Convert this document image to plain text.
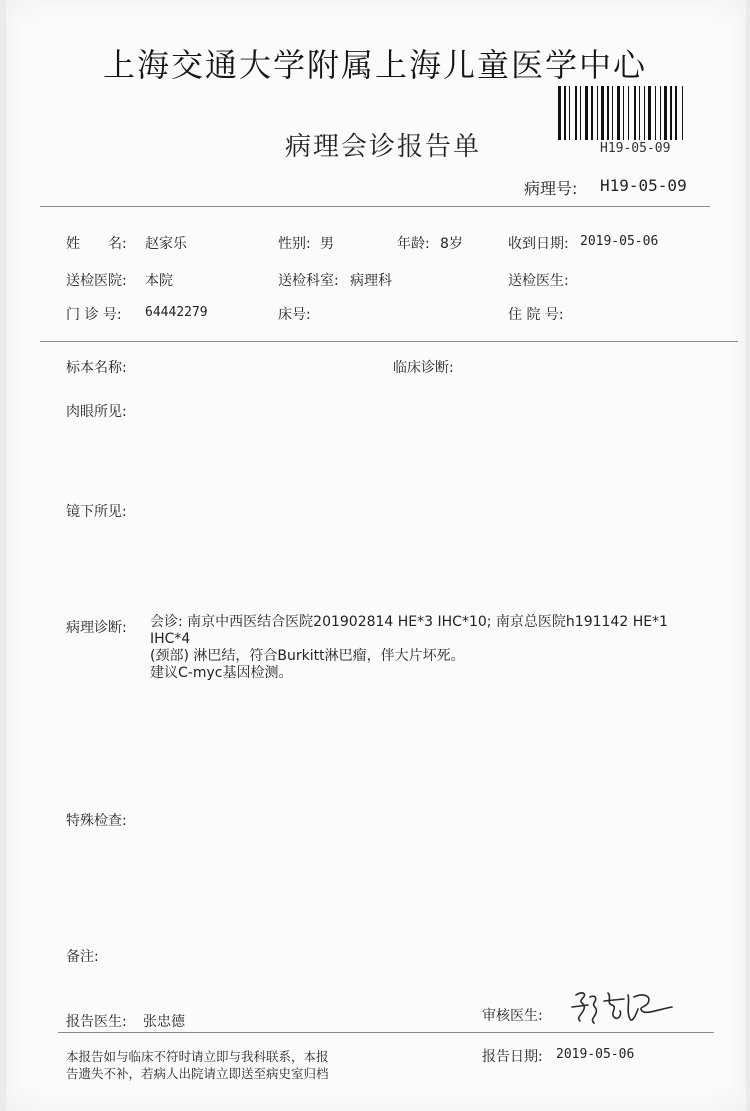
上海交通大学附属上海儿童医学中心
病理会诊报告单	H19-05-09
病理号: H19-05-09
姓　　名: 赵家乐	性别: 男	年龄: 8岁	收到日期: 2019-05-06
送检医院: 本院	送检科室: 病理科	送检医生:
门 诊 号: 64442279	床号:	住 院 号:
标本名称:	临床诊断:
肉眼所见:
镜下所见:
病理诊断: 会诊: 南京中西医结合医院201902814 HE*3 IHC*10; 南京总医院h191142 HE*1
IHC*4
(颈部) 淋巴结，符合Burkitt淋巴瘤，伴大片坏死。
建议C-myc基因检测。
特殊检查:
备注:
报告医生: 张忠德	审核医生:
本报告如与临床不符时请立即与我科联系，本报
告遗失不补，若病人出院请立即送至病史室归档
报告日期: 2019-05-06
